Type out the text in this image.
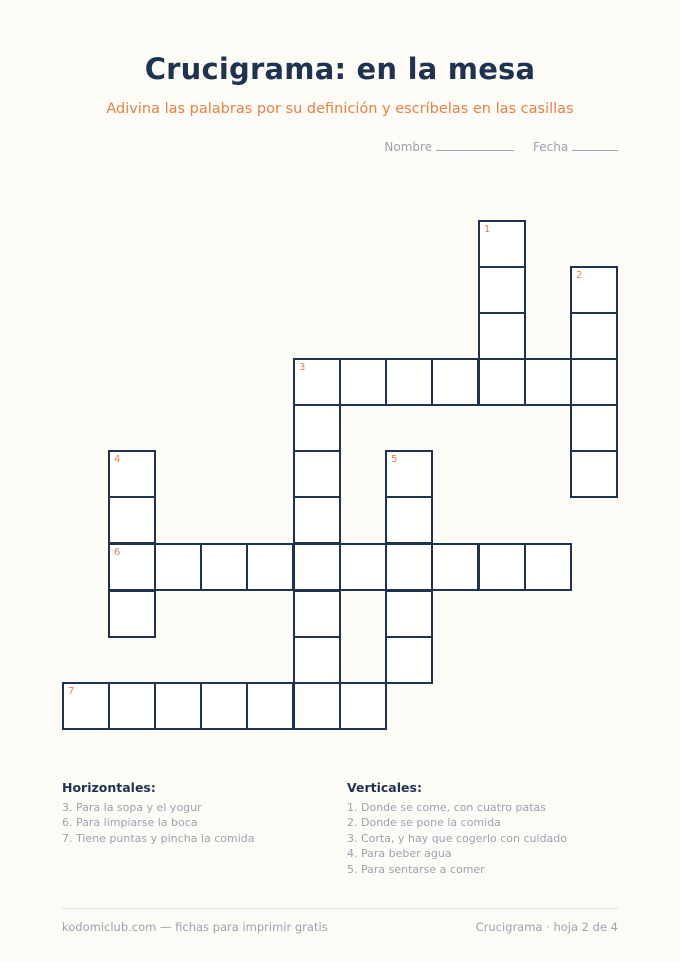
Crucigrama: en la mesa
Adivina las palabras por su definición y escríbelas en las casillas
Nombre	Fecha
1
2
3
4	5
6
7
Horizontales:
3. Para la sopa y el yogur
6. Para limpiarse la boca
7. Tiene puntas y pincha la comida
Verticales:
1. Donde se come, con cuatro patas
2. Donde se pone la comida
3. Corta, y hay que cogerlo con cuidado
4. Para beber agua
5. Para sentarse a comer
kodomiclub.com — fichas para imprimir gratis	Crucigrama · hoja 2 de 4
